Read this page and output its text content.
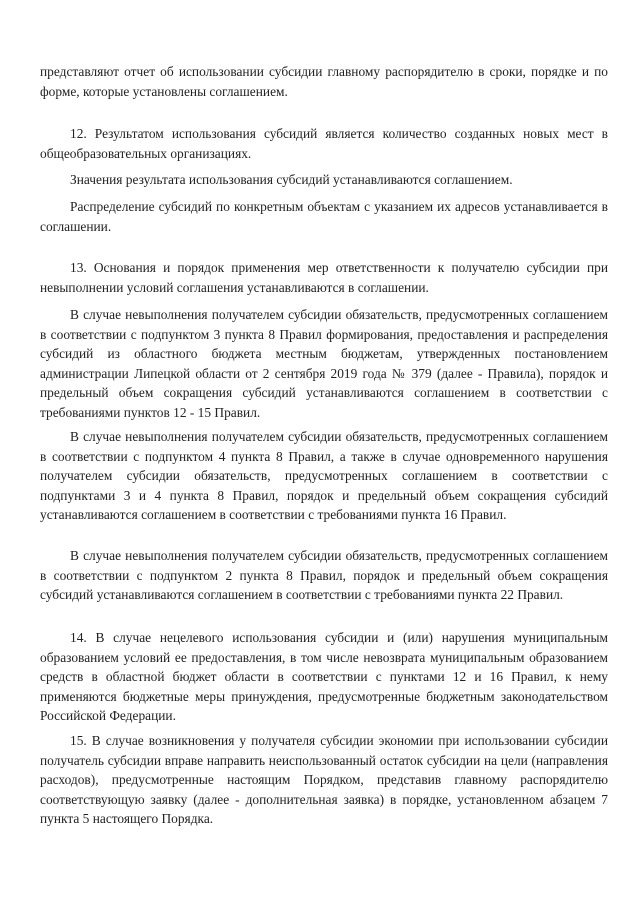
представляют отчет об использовании субсидии главному распорядителю в сроки, порядке и по форме, которые установлены соглашением.

12. Результатом использования субсидий является количество созданных новых мест в общеобразовательных организациях.

Значения результата использования субсидий устанавливаются соглашением.

Распределение субсидий по конкретным объектам с указанием их адресов устанавливается в соглашении.

13. Основания и порядок применения мер ответственности к получателю субсидии при невыполнении условий соглашения устанавливаются в соглашении.

В случае невыполнения получателем субсидии обязательств, предусмотренных соглашением в соответствии с подпунктом 3 пункта 8 Правил формирования, предоставления и распределения субсидий из областного бюджета местным бюджетам, утвержденных постановлением администрации Липецкой области от 2 сентября 2019 года № 379 (далее - Правила), порядок и предельный объем сокращения субсидий устанавливаются соглашением в соответствии с требованиями пунктов 12 - 15 Правил.

В случае невыполнения получателем субсидии обязательств, предусмотренных соглашением в соответствии с подпунктом 4 пункта 8 Правил, а также в случае одновременного нарушения получателем субсидии обязательств, предусмотренных соглашением в соответствии с подпунктами 3 и 4 пункта 8 Правил, порядок и предельный объем сокращения субсидий устанавливаются соглашением в соответствии с требованиями пункта 16 Правил.

В случае невыполнения получателем субсидии обязательств, предусмотренных соглашением в соответствии с подпунктом 2 пункта 8 Правил, порядок и предельный объем сокращения субсидий устанавливаются соглашением в соответствии с требованиями пункта 22 Правил.

14. В случае нецелевого использования субсидии и (или) нарушения муниципальным образованием условий ее предоставления, в том числе невозврата муниципальным образованием средств в областной бюджет области в соответствии с пунктами 12 и 16 Правил, к нему применяются бюджетные меры принуждения, предусмотренные бюджетным законодательством Российской Федерации.

15. В случае возникновения у получателя субсидии экономии при использовании субсидии получатель субсидии вправе направить неиспользованный остаток субсидии на цели (направления расходов), предусмотренные настоящим Порядком, представив главному распорядителю соответствующую заявку (далее - дополнительная заявка) в порядке, установленном абзацем 7 пункта 5 настоящего Порядка.
